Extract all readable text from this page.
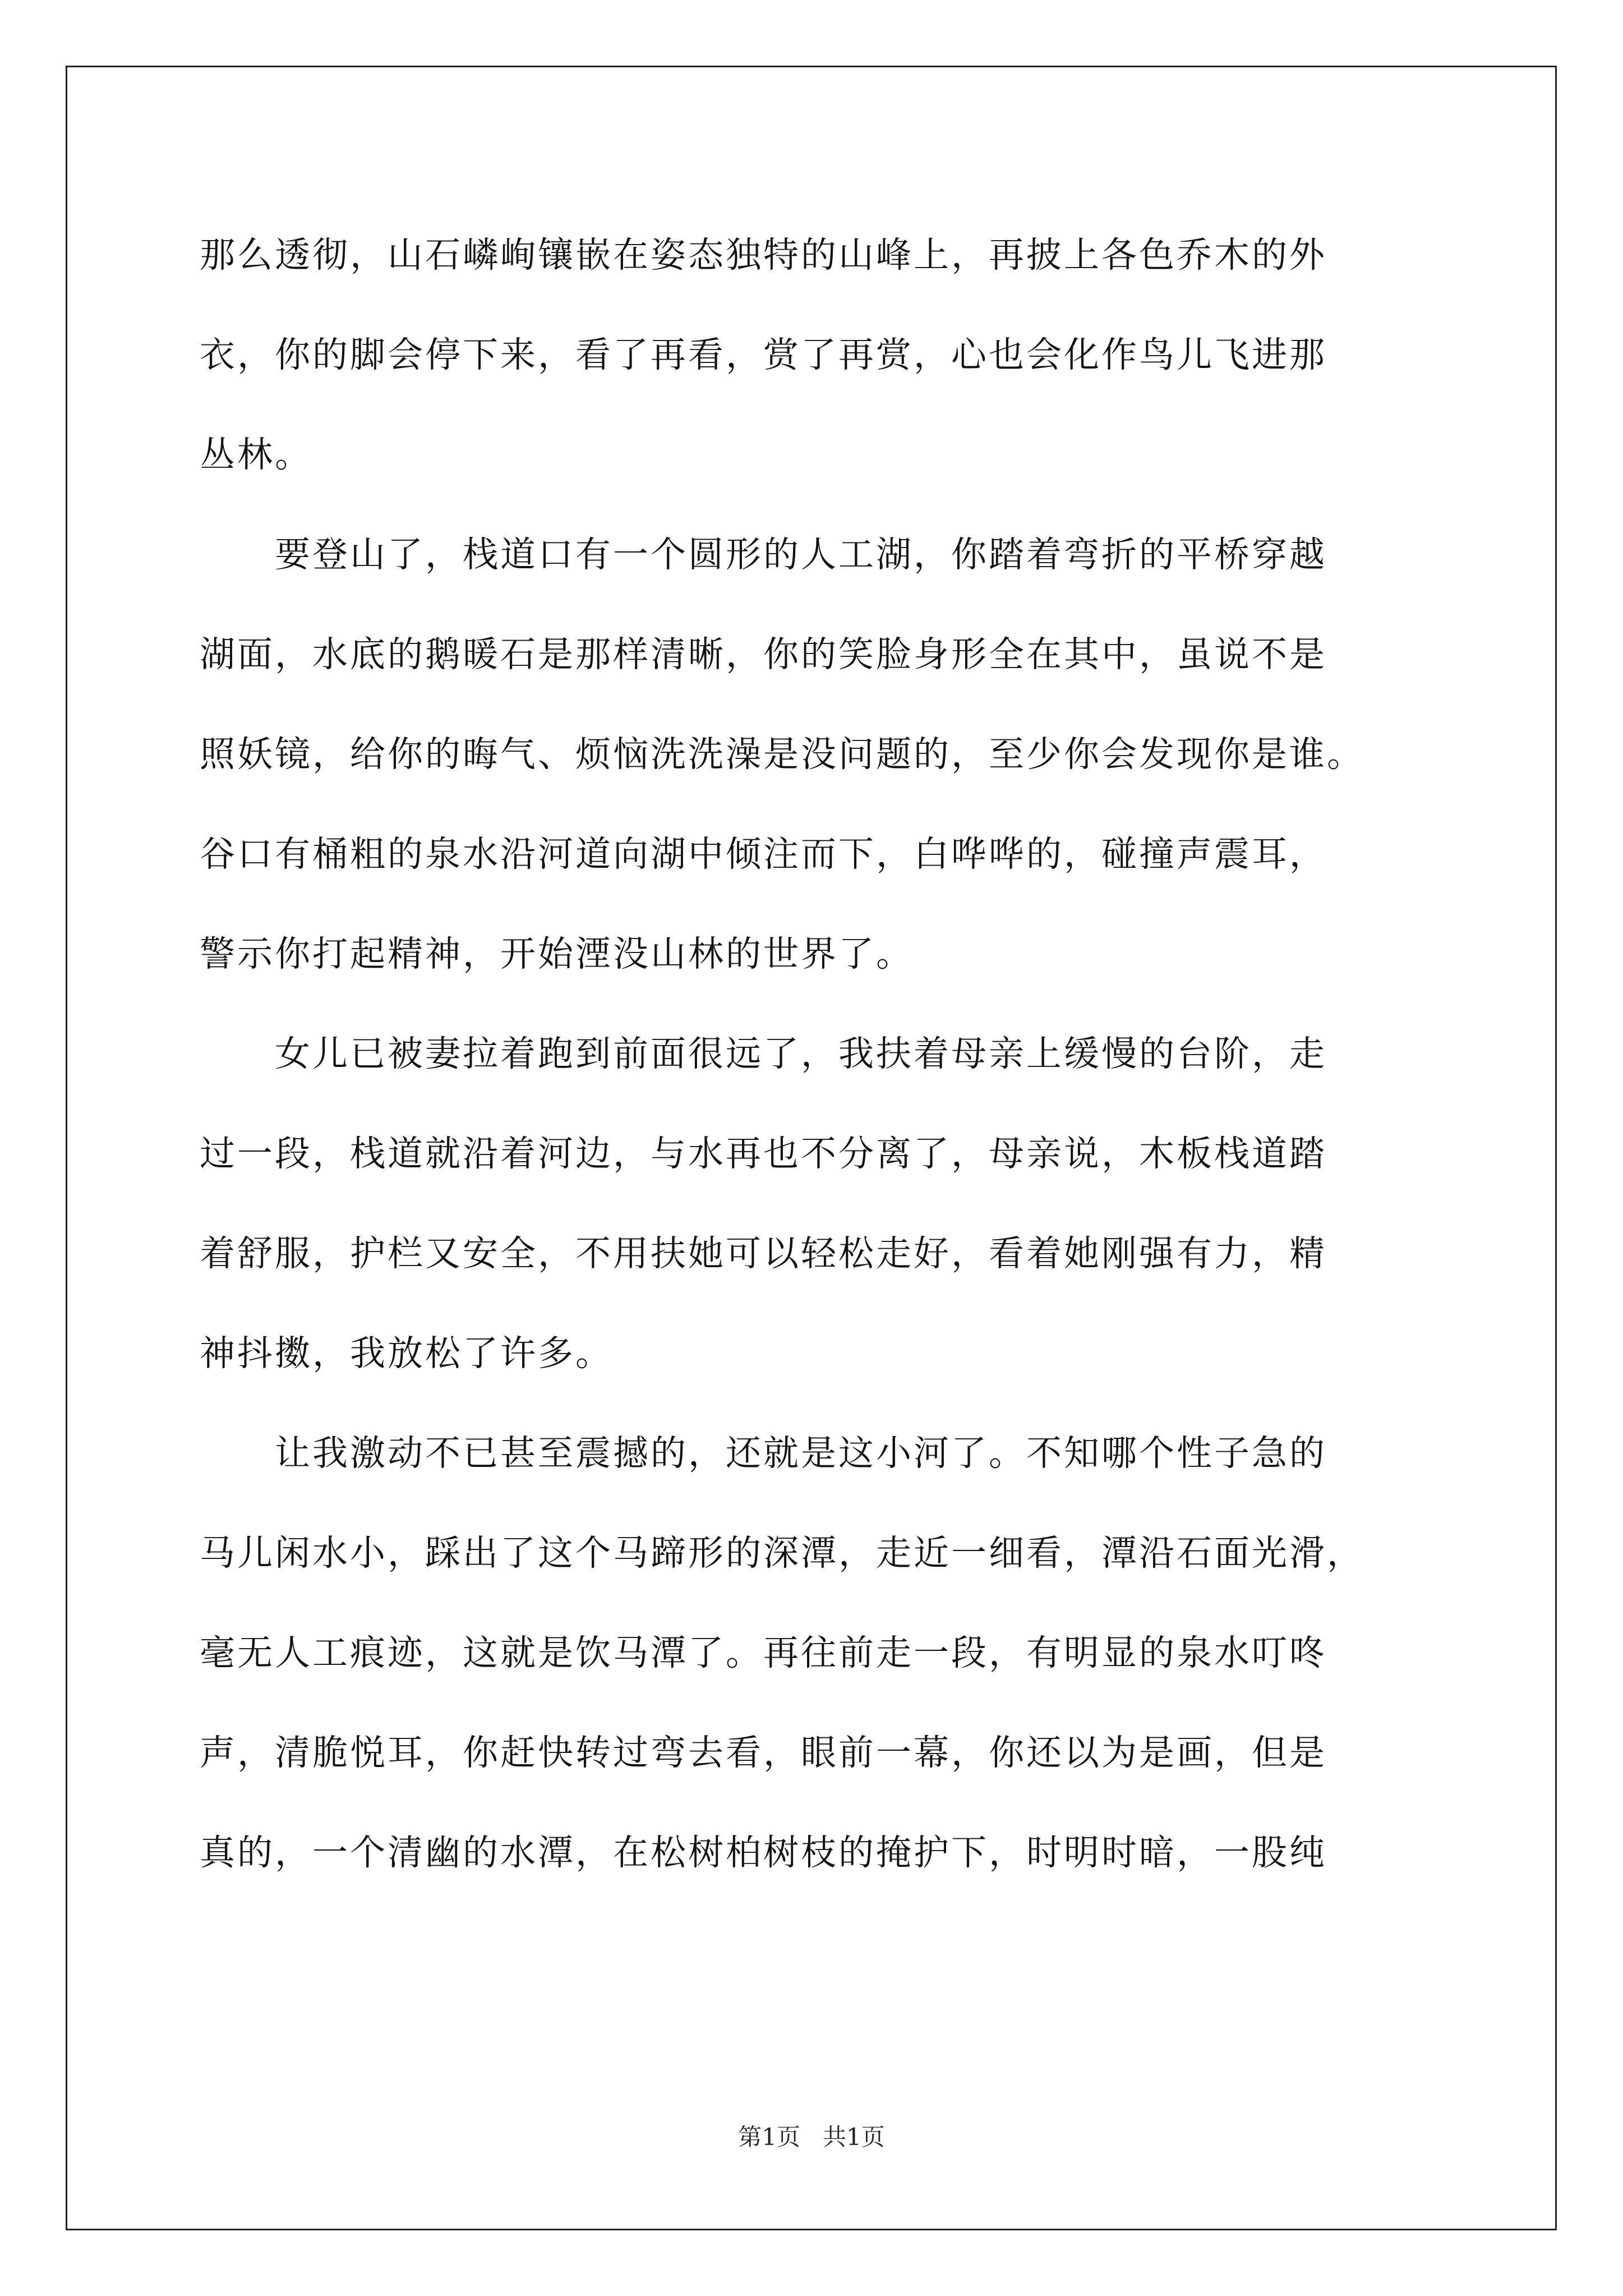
那么透彻，山石嶙峋镶嵌在姿态独特的山峰上，再披上各色乔木的外
衣，你的脚会停下来，看了再看，赏了再赏，心也会化作鸟儿飞进那
丛林。
　　要登山了，栈道口有一个圆形的人工湖，你踏着弯折的平桥穿越
湖面，水底的鹅暖石是那样清晰，你的笑脸身形全在其中，虽说不是
照妖镜，给你的晦气、烦恼洗洗澡是没问题的，至少你会发现你是谁。
谷口有桶粗的泉水沿河道向湖中倾注而下，白哗哗的，碰撞声震耳，
警示你打起精神，开始湮没山林的世界了。
　　女儿已被妻拉着跑到前面很远了，我扶着母亲上缓慢的台阶，走
过一段，栈道就沿着河边，与水再也不分离了，母亲说，木板栈道踏
着舒服，护栏又安全，不用扶她可以轻松走好，看着她刚强有力，精
神抖擞，我放松了许多。
　　让我激动不已甚至震撼的，还就是这小河了。不知哪个性子急的
马儿闲水小，踩出了这个马蹄形的深潭，走近一细看，潭沿石面光滑，
毫无人工痕迹，这就是饮马潭了。再往前走一段，有明显的泉水叮咚
声，清脆悦耳，你赶快转过弯去看，眼前一幕，你还以为是画，但是
真的，一个清幽的水潭，在松树柏树枝的掩护下，时明时暗，一股纯
第1页 共1页
